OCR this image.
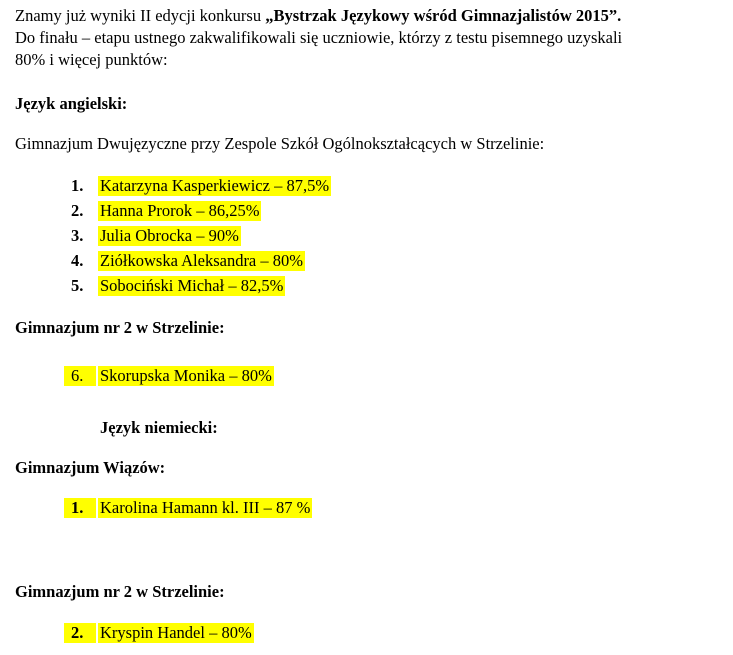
Znamy już wyniki II edycji konkursu „Bystrzak Językowy wśród Gimnazjalistów 2015”.
Do finału – etapu ustnego zakwalifikowali się uczniowie, którzy z testu pisemnego uzyskali
80% i więcej punktów:
Język angielski:
Gimnazjum Dwujęzyczne przy Zespole Szkół Ogólnokształcących w Strzelinie:
1.	Katarzyna Kasperkiewicz – 87,5%
2.	Hanna Prorok – 86,25%
3.	Julia Obrocka – 90%
4.	Ziółkowska Aleksandra – 80%
5.	Sobociński Michał – 82,5%
Gimnazjum nr 2 w Strzelinie:
6.	Skorupska Monika – 80%
Język niemiecki:
Gimnazjum Wiązów:
1.	Karolina Hamann kl. III – 87 %
Gimnazjum nr 2 w Strzelinie:
2.	Kryspin Handel – 80%
